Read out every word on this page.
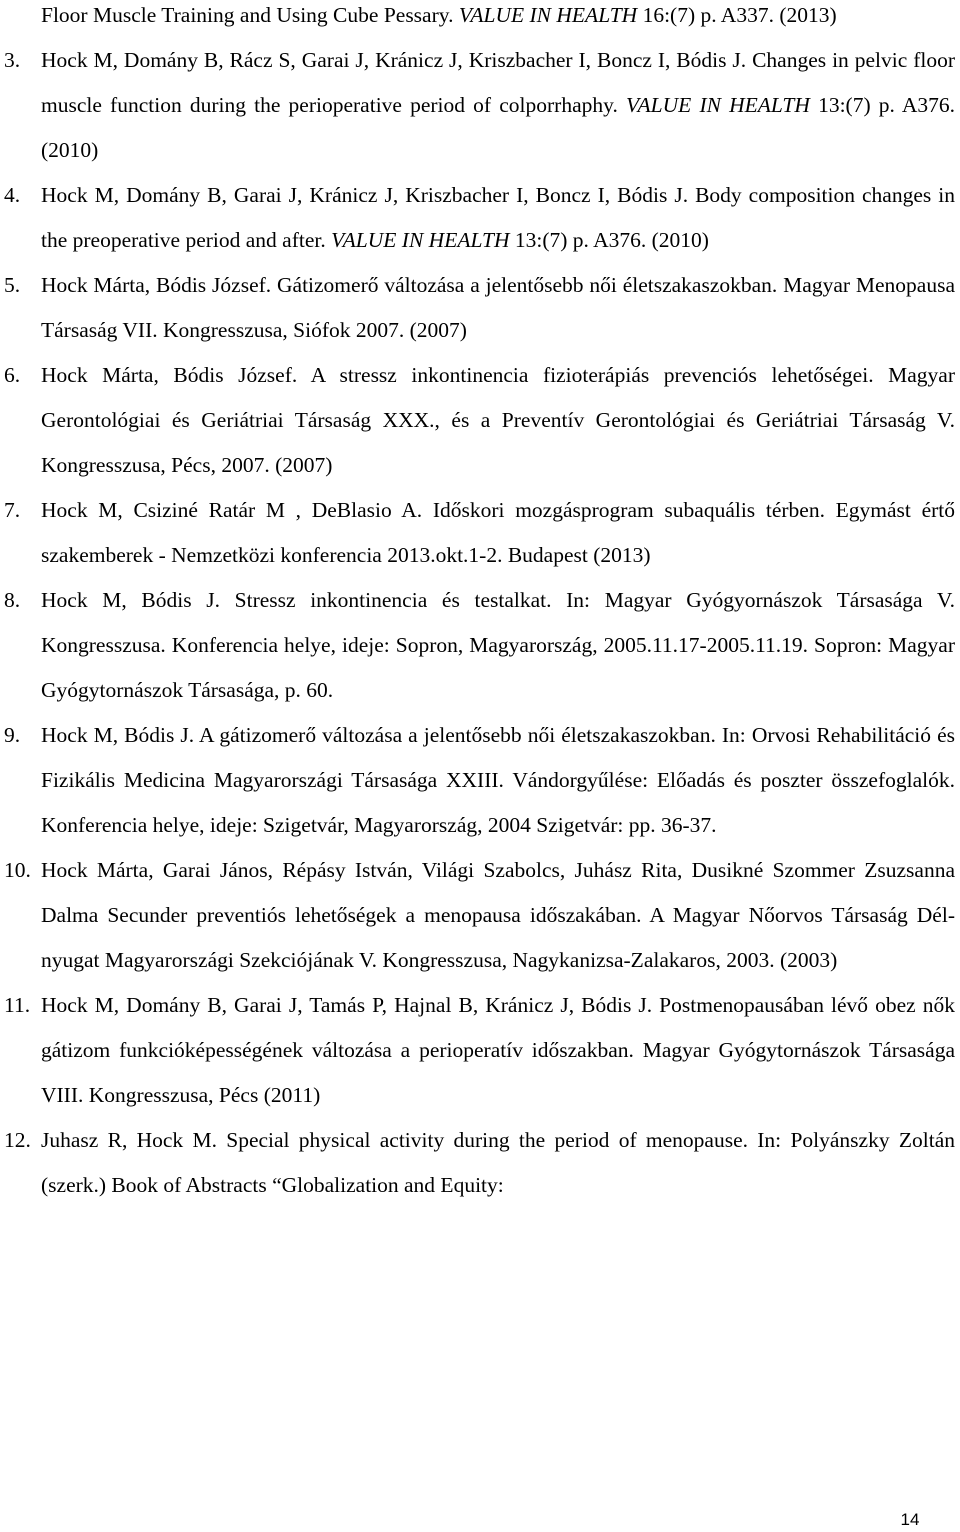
Floor Muscle Training and Using Cube Pessary. VALUE IN HEALTH 16:(7) p. A337. (2013)
3. Hock M, Domány B, Rácz S, Garai J, Kránicz J, Kriszbacher I, Boncz I, Bódis J. Changes in pelvic floor muscle function during the perioperative period of colporrhaphy. VALUE IN HEALTH 13:(7) p. A376. (2010)
4. Hock M, Domány B, Garai J, Kránicz J, Kriszbacher I, Boncz I, Bódis J. Body composition changes in the preoperative period and after. VALUE IN HEALTH 13:(7) p. A376. (2010)
5. Hock Márta, Bódis József. Gátizomerő változása a jelentősebb női életszakaszokban. Magyar Menopausa Társaság VII. Kongresszusa, Siófok 2007. (2007)
6. Hock Márta, Bódis József. A stressz inkontinencia fizioterápiás prevenciós lehetőségei. Magyar Gerontológiai és Geriátriai Társaság XXX., és a Preventív Gerontológiai és Geriátriai Társaság V. Kongresszusa, Pécs, 2007. (2007)
7. Hock M, Csiziné Ratár M , DeBlasio A. Időskori mozgásprogram subaquális térben. Egymást értő szakemberek - Nemzetközi konferencia 2013.okt.1-2. Budapest (2013)
8. Hock M, Bódis J. Stressz inkontinencia és testalkat. In: Magyar Gyógyornászok Társasága V. Kongresszusa. Konferencia helye, ideje: Sopron, Magyarország, 2005.11.17-2005.11.19. Sopron: Magyar Gyógytornászok Társasága, p. 60.
9. Hock M, Bódis J. A gátizomerő változása a jelentősebb női életszakaszokban. In: Orvosi Rehabilitáció és Fizikális Medicina Magyarországi Társasága XXIII. Vándorgyűlése: Előadás és poszter összefoglalók. Konferencia helye, ideje: Szigetvár, Magyarország, 2004 Szigetvár: pp. 36-37.
10. Hock Márta, Garai János, Répásy István, Világi Szabolcs, Juhász Rita, Dusikné Szommer Zsuzsanna Dalma Secunder preventiós lehetőségek a menopausa időszakában. A Magyar Nőorvos Társaság Dél-nyugat Magyarországi Szekciójának V. Kongresszusa, Nagykanizsa-Zalakaros, 2003. (2003)
11. Hock M, Domány B, Garai J, Tamás P, Hajnal B, Kránicz J, Bódis J. Postmenopausában lévő obez nők gátizom funkcióképességének változása a perioperatív időszakban. Magyar Gyógytornászok Társasága VIII. Kongresszusa, Pécs (2011)
12. Juhasz R, Hock M. Special physical activity during the period of menopause. In: Polyánszky Zoltán (szerk.) Book of Abstracts “Globalization and Equity:
14
